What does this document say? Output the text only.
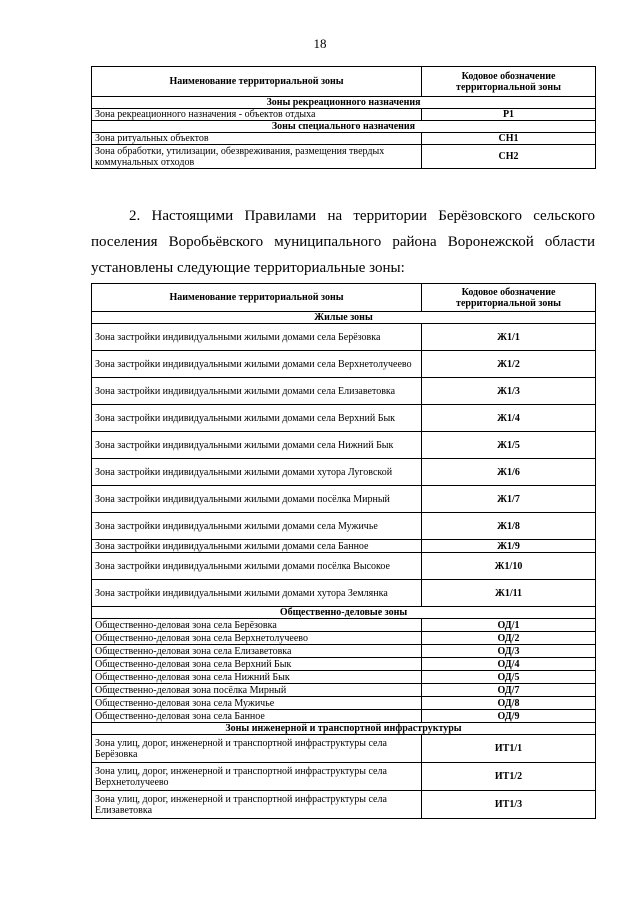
18
Наименование территориальной зоны	Кодовое обозначение территориальной зоны
Зоны рекреационного назначения	
Зона рекреационного назначения - объектов отдыха	Р1
Зоны специального назначения	
Зона ритуальных объектов	СН1
Зона обработки, утилизации, обезвреживания, размещения твердых коммунальных отходов	СН2
2. Настоящими Правилами на территории Берёзовского сельского
поселения Воробьёвского муниципального района Воронежской области
установлены следующие территориальные зоны:
Наименование территориальной зоны	Кодовое обозначение территориальной зоны
Жилые зоны	
Зона застройки индивидуальными жилыми домами села Берёзовка	Ж1/1
Зона застройки индивидуальными жилыми домами села Верхнетолучеево	Ж1/2
Зона застройки индивидуальными жилыми домами села Елизаветовка	Ж1/3
Зона застройки индивидуальными жилыми домами села Верхний Бык	Ж1/4
Зона застройки индивидуальными жилыми домами села Нижний Бык	Ж1/5
Зона застройки индивидуальными жилыми домами хутора Луговской	Ж1/6
Зона застройки индивидуальными жилыми домами посёлка Мирный	Ж1/7
Зона застройки индивидуальными жилыми домами села Мужичье	Ж1/8
Зона застройки индивидуальными жилыми домами села Банное	Ж1/9
Зона застройки индивидуальными жилыми домами посёлка Высокое	Ж1/10
Зона застройки индивидуальными жилыми домами хутора Землянка	Ж1/11
Общественно-деловые зоны	
Общественно-деловая зона села Берёзовка	ОД/1
Общественно-деловая зона села Верхнетолучеево	ОД/2
Общественно-деловая зона села Елизаветовка	ОД/3
Общественно-деловая зона села Верхний Бык	ОД/4
Общественно-деловая зона села Нижний Бык	ОД/5
Общественно-деловая зона посёлка Мирный	ОД/7
Общественно-деловая зона села Мужичье	ОД/8
Общественно-деловая зона села Банное	ОД/9
Зоны инженерной и транспортной инфраструктуры	
Зона улиц, дорог, инженерной и транспортной инфраструктуры села Берёзовка	ИТ1/1
Зона улиц, дорог, инженерной и транспортной инфраструктуры села Верхнетолучеево	ИТ1/2
Зона улиц, дорог, инженерной и транспортной инфраструктуры села Елизаветовка	ИТ1/3
